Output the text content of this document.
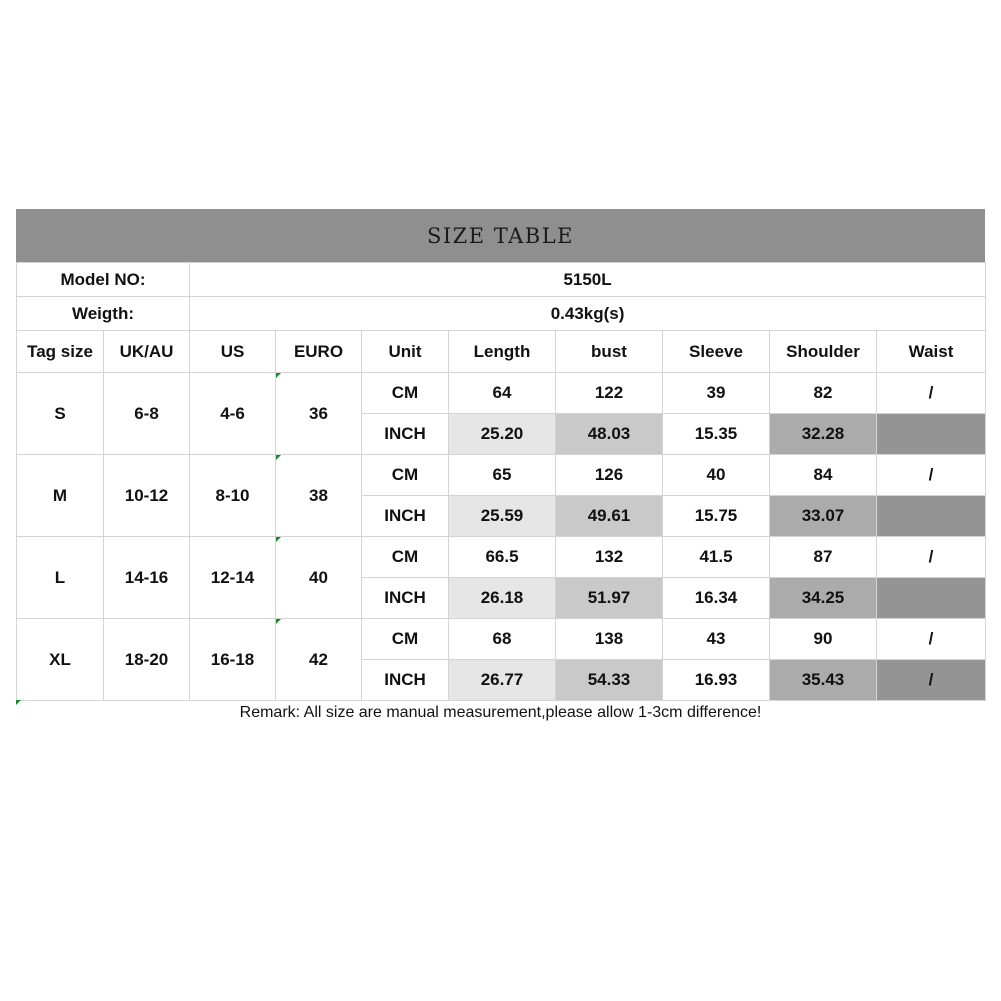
SIZE TABLE
Model NO:		5150L							
Weigth:		0.43kg(s)							
Tag size	UK/AU	US	EURO	Unit	Length	bust	Sleeve	Shoulder	Waist
S	6-8	4-6	36	CM	64	122	39	82	/
				INCH	25.20	48.03	15.35	32.28	
M	10-12	8-10	38	CM	65	126	40	84	/
				INCH	25.59	49.61	15.75	33.07	
L	14-16	12-14	40	CM	66.5	132	41.5	87	/
				INCH	26.18	51.97	16.34	34.25	
XL	18-20	16-18	42	CM	68	138	43	90	/
				INCH	26.77	54.33	16.93	35.43	/
Remark: All size are manual measurement,please allow 1-3cm difference!
